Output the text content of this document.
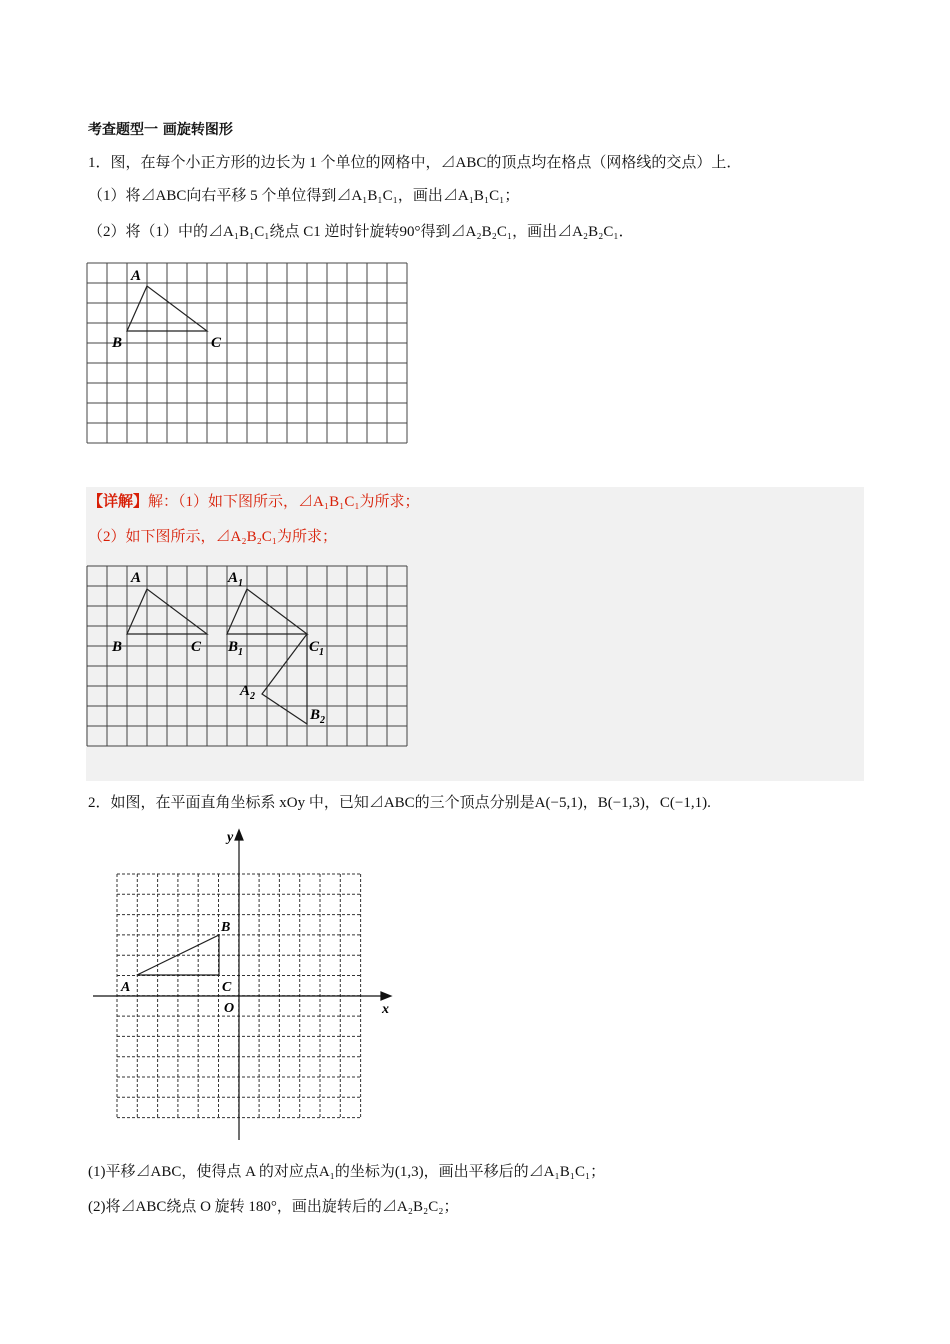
考查题型一 画旋转图形
1．图，在每个小正方形的边长为 1 个单位的网格中，⊿ABC的顶点均在格点（网格线的交点）上．
（1）将⊿ABC向右平移 5 个单位得到⊿A₁B₁C₁，画出⊿A₁B₁C₁；
（2）将（1）中的⊿A₁B₁C₁绕点 C1 逆时针旋转90°得到⊿A₂B₂C₁，画出⊿A₂B₂C₁．
A
B	C
【详解】解：（1）如下图所示，⊿A₁B₁C₁为所求；
（2）如下图所示，⊿A₂B₂C₁为所求；
A
B	C
$A_1$
$B_1$	$C_1$
$A_2$
$B_2$
2．如图，在平面直角坐标系 xOy 中，已知⊿ABC的三个顶点分别是A(−5,1)，B(−1,3)，C(−1,1).
y
x
O
A
B
C
(1)平移⊿ABC，使得点 A 的对应点A₁的坐标为(1,3)，画出平移后的⊿A₁B₁C₁；
(2)将⊿ABC绕点 O 旋转 180°，画出旋转后的⊿A₂B₂C₂；
